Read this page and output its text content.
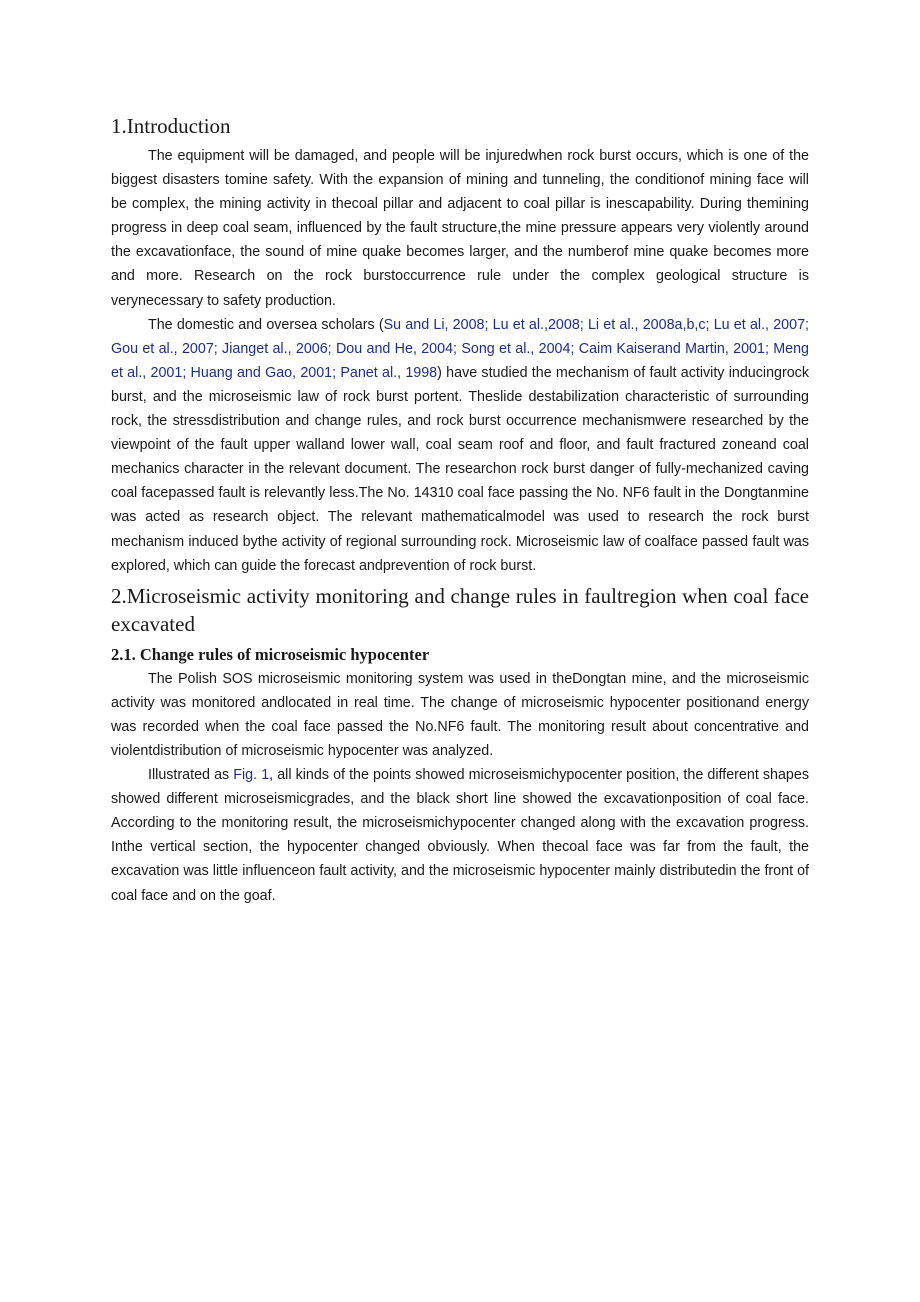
1.Introduction

The equipment will be damaged, and people will be injuredwhen rock burst occurs, which is one of the biggest disasters tomine safety. With the expansion of mining and tunneling, the conditionof mining face will be complex, the mining activity in thecoal pillar and adjacent to coal pillar is inescapability. During themining progress in deep coal seam, influenced by the fault structure,the mine pressure appears very violently around the excavationface, the sound of mine quake becomes larger, and the numberof mine quake becomes more and more. Research on the rock burstoccurrence rule under the complex geological structure is verynecessary to safety production.

The domestic and oversea scholars (Su and Li, 2008; Lu et al.,2008; Li et al., 2008a,b,c; Lu et al., 2007; Gou et al., 2007; Jianget al., 2006; Dou and He, 2004; Song et al., 2004; Caim Kaiserand Martin, 2001; Meng et al., 2001; Huang and Gao, 2001; Panet al., 1998) have studied the mechanism of fault activity inducingrock burst, and the microseismic law of rock burst portent. Theslide destabilization characteristic of surrounding rock, the stressdistribution and change rules, and rock burst occurrence mechanismwere researched by the viewpoint of the fault upper walland lower wall, coal seam roof and floor, and fault fractured zoneand coal mechanics character in the relevant document. The researchon rock burst danger of fully-mechanized caving coal facepassed fault is relevantly less.The No. 14310 coal face passing the No. NF6 fault in the Dongtanmine was acted as research object. The relevant mathematicalmodel was used to research the rock burst mechanism induced bythe activity of regional surrounding rock. Microseismic law of coalface passed fault was explored, which can guide the forecast andprevention of rock burst.

2.Microseismic activity monitoring and change rules in faultregion when coal face excavated
2.1. Change rules of microseismic hypocenter

The Polish SOS microseismic monitoring system was used in theDongtan mine, and the microseismic activity was monitored andlocated in real time. The change of microseismic hypocenter positionand energy was recorded when the coal face passed the No.NF6 fault. The monitoring result about concentrative and violentdistribution of microseismic hypocenter was analyzed.

Illustrated as Fig. 1, all kinds of the points showed microseismichypocenter position, the different shapes showed different microseismicgrades, and the black short line showed the excavationposition of coal face. According to the monitoring result, the microseismichypocenter changed along with the excavation progress. Inthe vertical section, the hypocenter changed obviously. When thecoal face was far from the fault, the excavation was little influenceon fault activity, and the microseismic hypocenter mainly distributedin the front of coal face and on the goaf.
